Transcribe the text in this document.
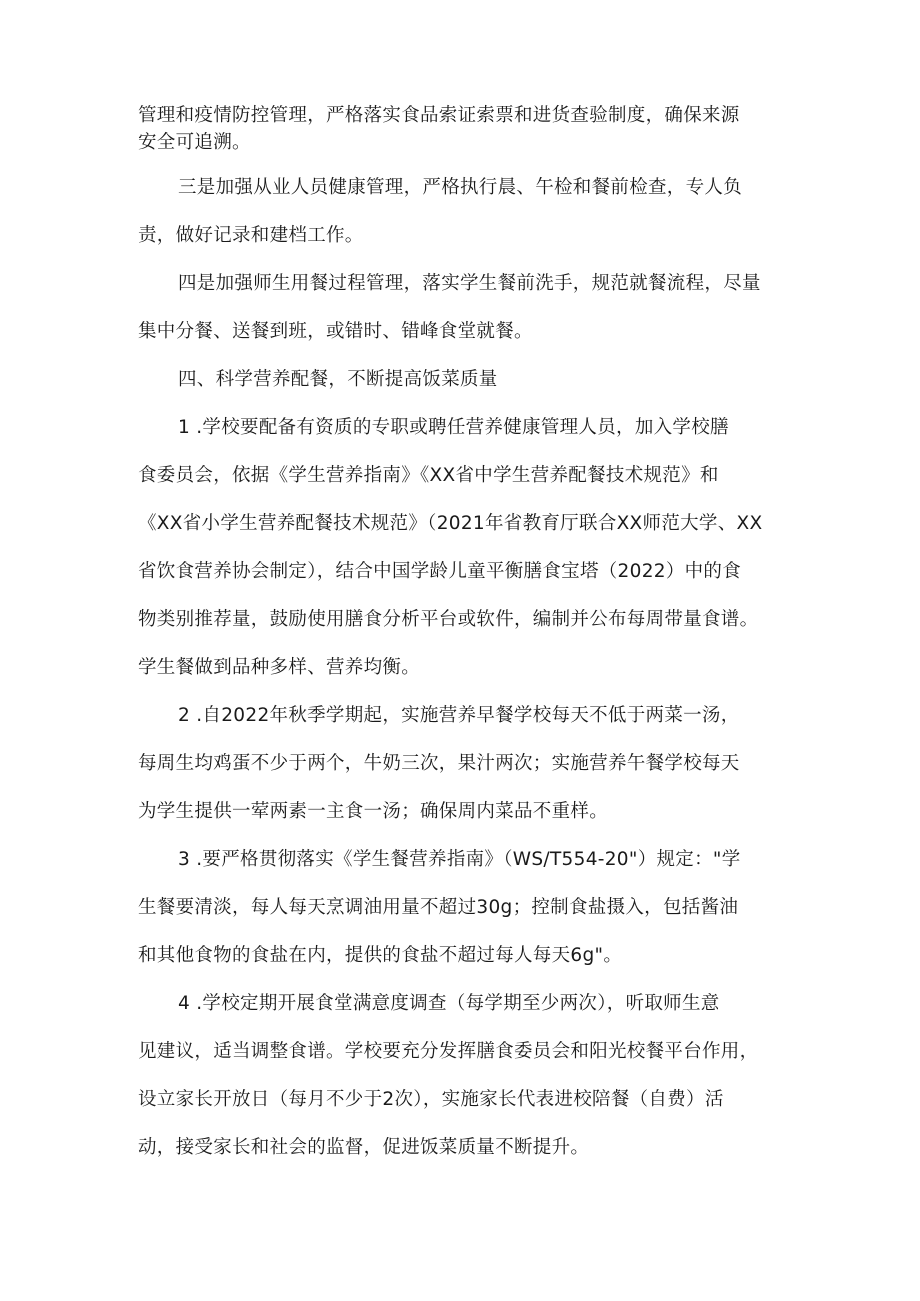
管理和疫情防控管理，严格落实食品索证索票和进货查验制度，确保来源
安全可追溯。
三是加强从业人员健康管理，严格执行晨、午检和餐前检查，专人负
责，做好记录和建档工作。
四是加强师生用餐过程管理，落实学生餐前洗手，规范就餐流程，尽量
集中分餐、送餐到班，或错时、错峰食堂就餐。
四、科学营养配餐，不断提高饭菜质量
1 .学校要配备有资质的专职或聘任营养健康管理人员，加入学校膳
食委员会，依据《学生营养指南》《XX省中学生营养配餐技术规范》和
《XX省小学生营养配餐技术规范》（2021年省教育厅联合XX师范大学、XX
省饮食营养协会制定），结合中国学龄儿童平衡膳食宝塔（2022）中的食
物类别推荐量，鼓励使用膳食分析平台或软件，编制并公布每周带量食谱。
学生餐做到品种多样、营养均衡。
2 .自2022年秋季学期起，实施营养早餐学校每天不低于两菜一汤，
每周生均鸡蛋不少于两个，牛奶三次，果汁两次；实施营养午餐学校每天
为学生提供一荤两素一主食一汤；确保周内菜品不重样。
3 .要严格贯彻落实《学生餐营养指南》（WS/T554-20"）规定："学
生餐要清淡，每人每天烹调油用量不超过30g；控制食盐摄入，包括酱油
和其他食物的食盐在内，提供的食盐不超过每人每天6g"。
4 .学校定期开展食堂满意度调查（每学期至少两次），听取师生意
见建议，适当调整食谱。学校要充分发挥膳食委员会和阳光校餐平台作用，
设立家长开放日（每月不少于2次），实施家长代表进校陪餐（自费）活
动，接受家长和社会的监督，促进饭菜质量不断提升。
